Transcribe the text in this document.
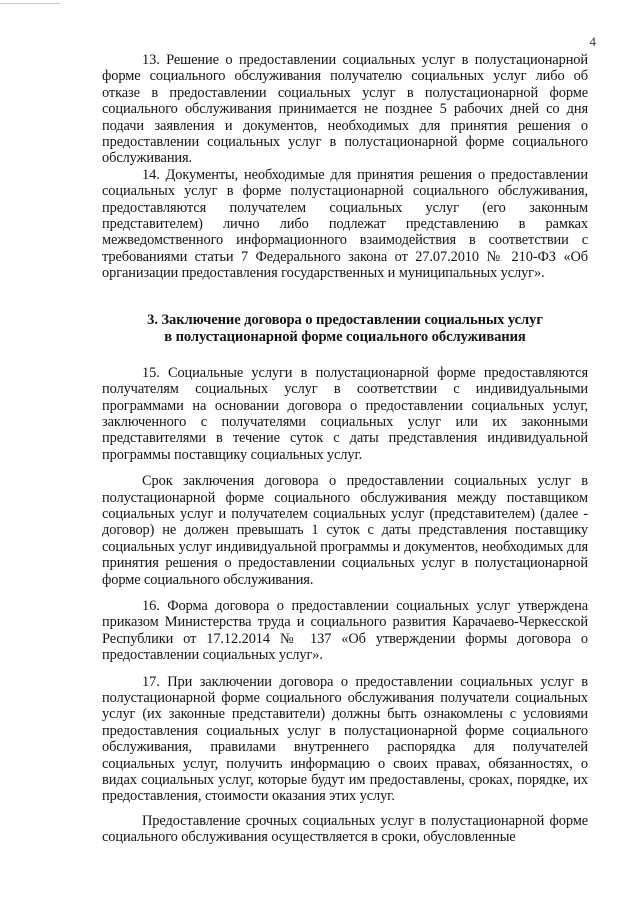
4

13. Решение о предоставлении социальных услуг в полустационарной форме социального обслуживания получателю социальных услуг либо об отказе в предоставлении социальных услуг в полустационарной форме социального обслуживания принимается не позднее 5 рабочих дней со дня подачи заявления и документов, необходимых для принятия решения о предоставлении социальных услуг в полустационарной форме социального обслуживания.

14. Документы, необходимые для принятия решения о предоставлении социальных услуг в форме полустационарной социального обслуживания, предоставляются получателем социальных услуг (его законным представителем) лично либо подлежат представлению в рамках межведомственного информационного взаимодействия в соответствии с требованиями статьи 7 Федерального закона от 27.07.2010 № 210-ФЗ «Об организации предоставления государственных и муниципальных услуг».

3. Заключение договора о предоставлении социальных услуг
в полустационарной форме социального обслуживания

15. Социальные услуги в полустационарной форме предоставляются получателям социальных услуг в соответствии с индивидуальными программами на основании договора о предоставлении социальных услуг, заключенного с получателями социальных услуг или их законными представителями в течение суток с даты представления индивидуальной программы поставщику социальных услуг.

Срок заключения договора о предоставлении социальных услуг в полустационарной форме социального обслуживания между поставщиком социальных услуг и получателем социальных услуг (представителем) (далее - договор) не должен превышать 1 суток с даты представления поставщику социальных услуг индивидуальной программы и документов, необходимых для принятия решения о предоставлении социальных услуг в полустационарной форме социального обслуживания.

16. Форма договора о предоставлении социальных услуг утверждена приказом Министерства труда и социального развития Карачаево-Черкесской Республики от 17.12.2014 № 137 «Об утверждении формы договора о предоставлении социальных услуг».

17. При заключении договора о предоставлении социальных услуг в полустационарной форме социального обслуживания получатели социальных услуг (их законные представители) должны быть ознакомлены с условиями предоставления социальных услуг в полустационарной форме социального обслуживания, правилами внутреннего распорядка для получателей социальных услуг, получить информацию о своих правах, обязанностях, о видах социальных услуг, которые будут им предоставлены, сроках, порядке, их предоставления, стоимости оказания этих услуг.

Предоставление срочных социальных услуг в полустационарной форме социального обслуживания осуществляется в сроки, обусловленные
